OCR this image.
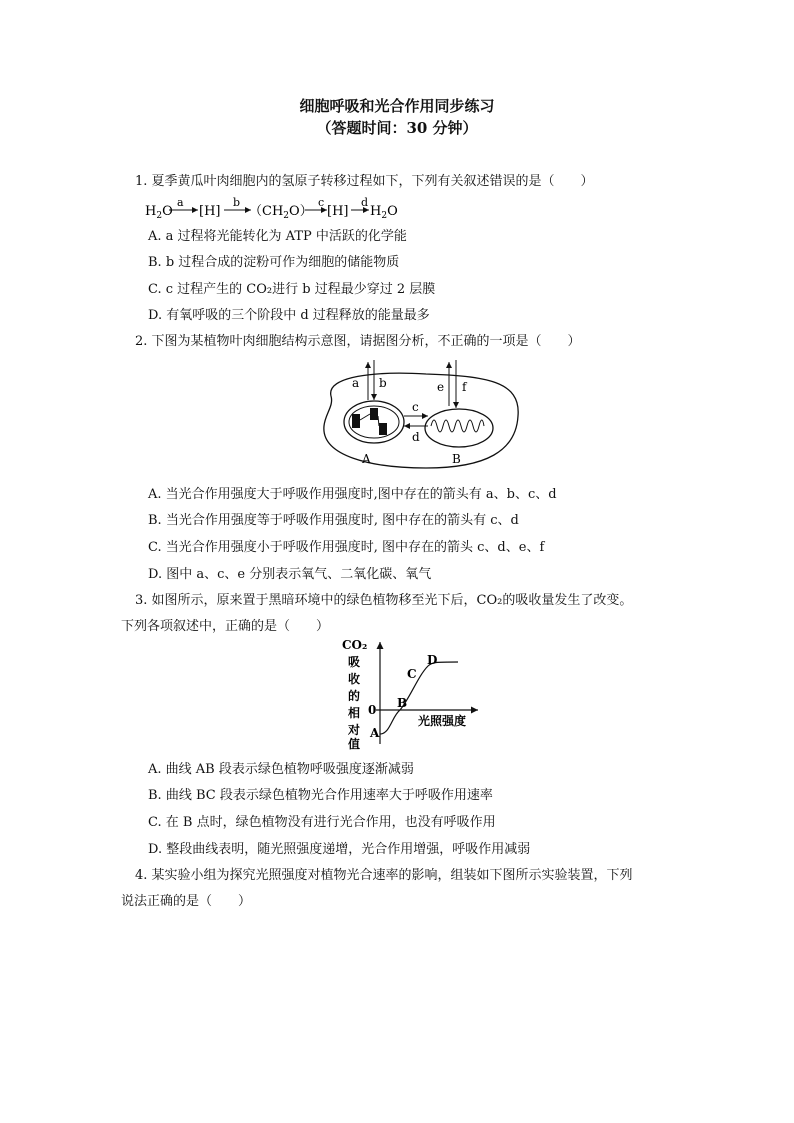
细胞呼吸和光合作用同步练习
（答题时间：30 分钟）
1. 夏季黄瓜叶肉细胞内的氢原子转移过程如下，下列有关叙述错误的是（　　）
$H_2O$
a
[H]
b
$(CH_2O)$
c
[H]
d
$H_2O$
A. a 过程将光能转化为 ATP 中活跃的化学能
B. b 过程合成的淀粉可作为细胞的储能物质
C. c 过程产生的 CO₂进行 b 过程最少穿过 2 层膜
D. 有氧呼吸的三个阶段中 d 过程释放的能量最多
2. 下图为某植物叶肉细胞结构示意图，请据图分析，不正确的一项是（　　）
a b	e f
c
d
A	B
A. 当光合作用强度大于呼吸作用强度时,图中存在的箭头有 a、b、c、d
B. 当光合作用强度等于呼吸作用强度时, 图中存在的箭头有 c、d
C. 当光合作用强度小于呼吸作用强度时, 图中存在的箭头 c、d、e、f
D. 图中 a、c、e 分别表示氧气、二氧化碳、氧气
3. 如图所示，原来置于黑暗环境中的绿色植物移至光下后，CO₂的吸收量发生了改变。
下列各项叙述中，正确的是（　　）
CO₂
吸
收
的
相
对
值
0
光照强度
A
B
C
D
A. 曲线 AB 段表示绿色植物呼吸强度逐渐减弱
B. 曲线 BC 段表示绿色植物光合作用速率大于呼吸作用速率
C. 在 B 点时，绿色植物没有进行光合作用，也没有呼吸作用
D. 整段曲线表明，随光照强度递增，光合作用增强，呼吸作用减弱
4. 某实验小组为探究光照强度对植物光合速率的影响，组装如下图所示实验装置，下列
说法正确的是（　　）
